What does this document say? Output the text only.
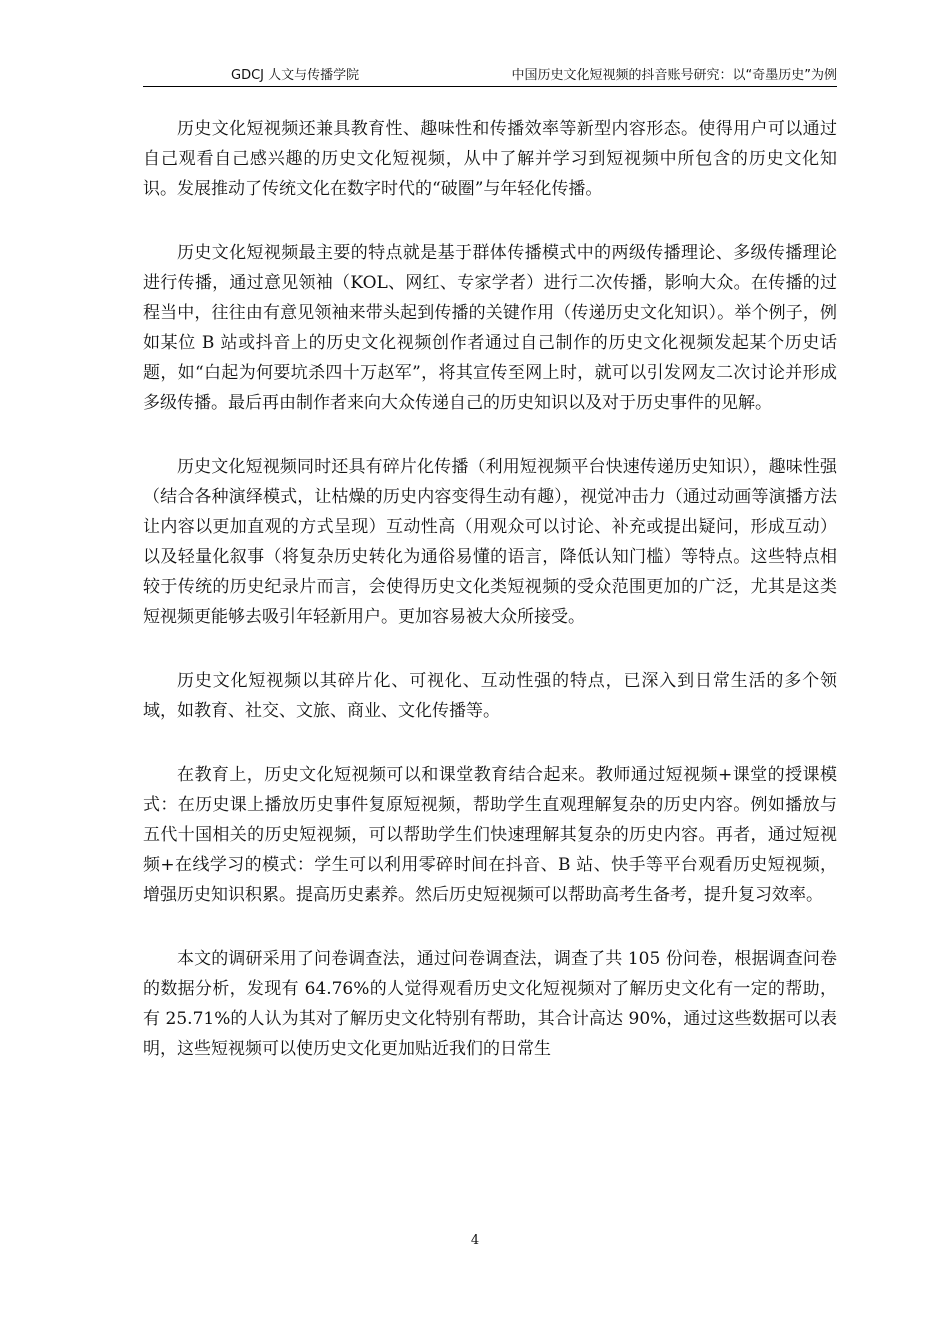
GDCJ 人文与传播学院	中国历史文化短视频的抖音账号研究：以“奇墨历史”为例

历史文化短视频还兼具教育性、趣味性和传播效率等新型内容形态。使得用户可以通过自己观看自己感兴趣的历史文化短视频，从中了解并学习到短视频中所包含的历史文化知识。发展推动了传统文化在数字时代的“破圈”与年轻化传播。

历史文化短视频最主要的特点就是基于群体传播模式中的两级传播理论、多级传播理论进行传播，通过意见领袖（KOL、网红、专家学者）进行二次传播，影响大众。在传播的过程当中，往往由有意见领袖来带头起到传播的关键作用（传递历史文化知识）。举个例子，例如某位 B 站或抖音上的历史文化视频创作者通过自己制作的历史文化视频发起某个历史话题，如“白起为何要坑杀四十万赵军”，将其宣传至网上时，就可以引发网友二次讨论并形成多级传播。最后再由制作者来向大众传递自己的历史知识以及对于历史事件的见解。

历史文化短视频同时还具有碎片化传播（利用短视频平台快速传递历史知识），趣味性强（结合各种演绎模式，让枯燥的历史内容变得生动有趣），视觉冲击力（通过动画等演播方法让内容以更加直观的方式呈现）互动性高（用观众可以讨论、补充或提出疑问，形成互动）以及轻量化叙事（将复杂历史转化为通俗易懂的语言，降低认知门槛）等特点。这些特点相较于传统的历史纪录片而言，会使得历史文化类短视频的受众范围更加的广泛，尤其是这类短视频更能够去吸引年轻新用户。更加容易被大众所接受。

历史文化短视频以其碎片化、可视化、互动性强的特点，已深入到日常生活的多个领域，如教育、社交、文旅、商业、文化传播等。

在教育上，历史文化短视频可以和课堂教育结合起来。教师通过短视频+课堂的授课模式：在历史课上播放历史事件复原短视频，帮助学生直观理解复杂的历史内容。例如播放与五代十国相关的历史短视频，可以帮助学生们快速理解其复杂的历史内容。再者，通过短视频+在线学习的模式：学生可以利用零碎时间在抖音、B 站、快手等平台观看历史短视频，增强历史知识积累。提高历史素养。然后历史短视频可以帮助高考生备考，提升复习效率。

本文的调研采用了问卷调查法，通过问卷调查法，调查了共 105 份问卷，根据调查问卷的数据分析，发现有 64.76%的人觉得观看历史文化短视频对了解历史文化有一定的帮助，有 25.71%的人认为其对了解历史文化特别有帮助，其合计高达 90%，通过这些数据可以表明，这些短视频可以使历史文化更加贴近我们的日常生

4
